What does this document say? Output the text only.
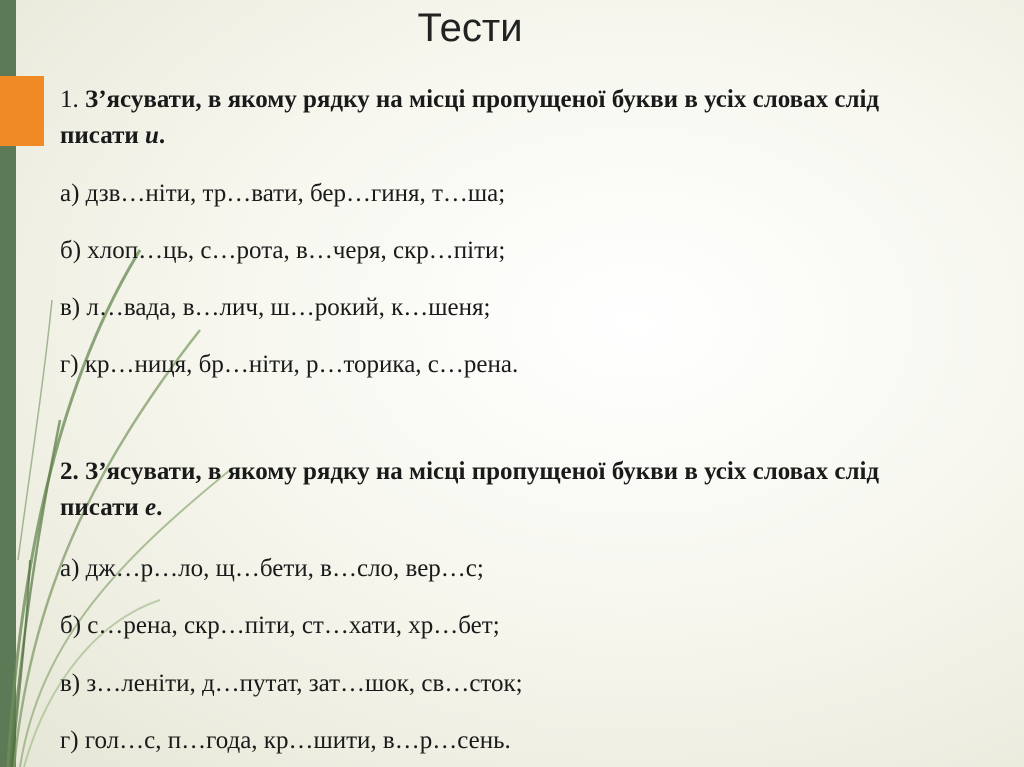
Тести

1. З’ясувати, в якому рядку на місці пропущеної букви в усіх словах слід писати и.

а) дзв…ніти, тр…вати, бер…гиня, т…ша;

б) хлоп…ць, с…рота, в…черя, скр…піти;

в) л…вада, в…лич, ш…рокий, к…шеня;

г) кр…ниця, бр…ніти, р…торика, с…рена.

2. З’ясувати, в якому рядку на місці пропущеної букви в усіх словах слід писати е.

а) дж…р…ло, щ…бети, в…сло, вер…с;

б) с…рена, скр…піти, ст…хати, хр…бет;

в) з…леніти, д…путат, зат…шок, св…сток;

г) гол…с, п…года, кр…шити, в…р…сень.
